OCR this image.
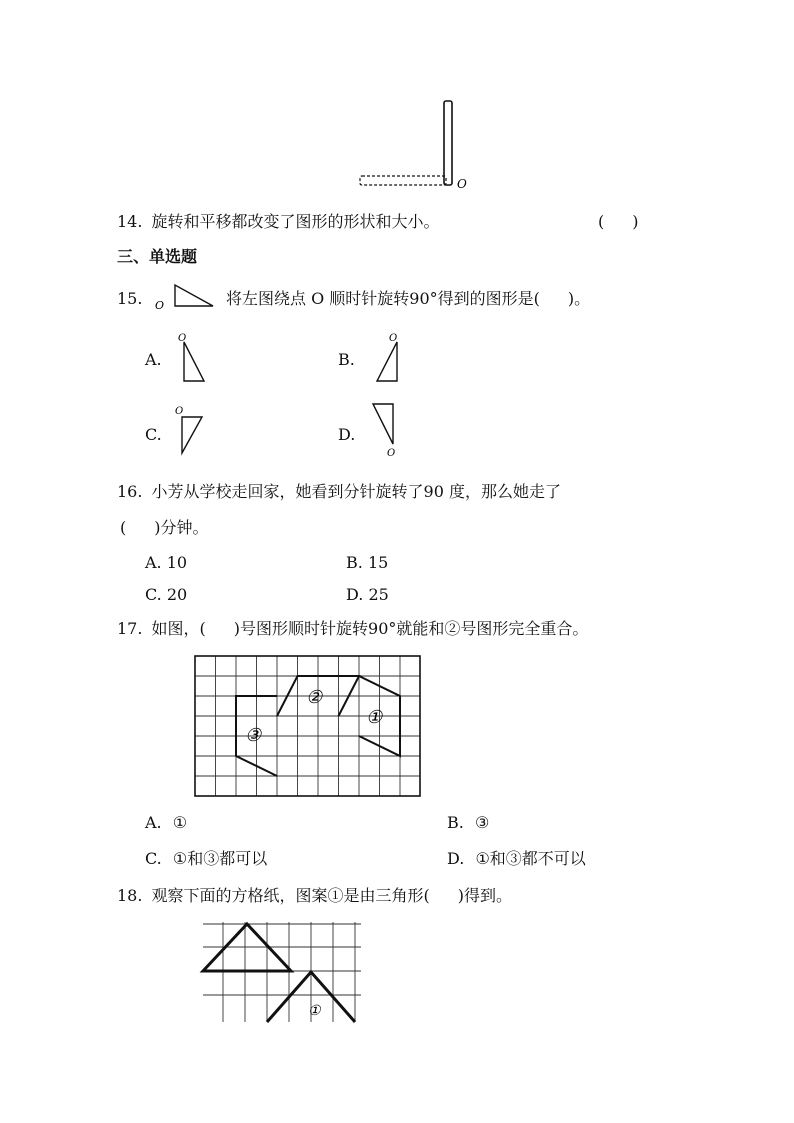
O
14. 旋转和平移都改变了图形的形状和大小。	( )
三、单选题
15. O	将左图绕点 O 顺时针旋转90°得到的图形是( )。
A.
O
B.
O
C.
O
D.
O
16. 小芳从学校走回家，她看到分针旋转了90 度，那么她走了
( )分钟。
A. 10	B. 15
C. 20	D. 25
17. 如图，( )号图形顺时针旋转90°就能和②号图形完全重合。
②
①
③
A. ①	B. ③
C. ①和③都可以	D. ①和③都不可以
18. 观察下面的方格纸，图案①是由三角形( )得到。
①
